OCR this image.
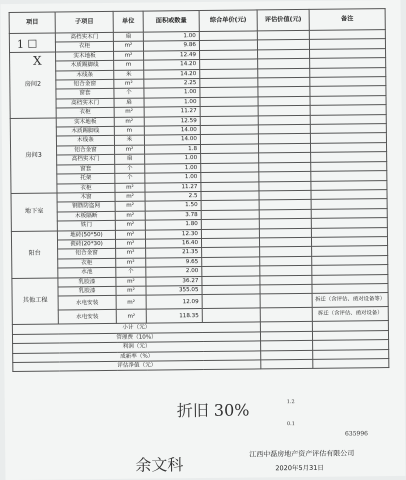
项目	子项目	单位	面积或数量	综合单价(元)	评估价值(元)	备注
	高档实木门	扇	1.00			
	衣柜	m²	9.86			
房间2	实木地板	m²	12.49			
	木质踢脚线	m	14.20			
	木线条	米	14.20			
	铝合金窗	m²	2.25			
	窗套	个	1.00			
	高档实木门	扇	1.00			
	衣柜	m²	11.27			
房间3	实木地板	m²	12.59			
	木质踢脚线	m	14.00			
	木线条	米	14.00			
	铝合金窗	m²	1.8			
	高档实木门	扇	1.00			
	窗套	个	1.00			
	托架	个	1.00			
	衣柜	m²	11.27			
地下室	木窗	m²	2.5			
	钢筋防盗网	m²	1.50			
	木板隔断	m²	3.78			
	铁门	m²	1.80			
阳台	地砖(50*50)	m²	12.30			
	瓷砖(20*30)	m²	16.40			
	铝合金窗	m²	21.35			
	衣柜	m²	9.65			
	水池	个	2.00			
其他工程	乳胶漆	m²	36.27			
	乳胶漆	m²	355.05			
	水电安装	m²	12.09			拆迁（含评估、函对设备等）
	水电安装	m²	118.35			拆迁（含评估、函对设备）
小计（元）						
管理费（10%）						
利润（元）						
成新率（%）						
评估净值（元）						
1 ☐
X
折旧 30%	1.2
0.1
635996
余文科
江西中磊房地产资产评估有限公司
2020年5月31日
